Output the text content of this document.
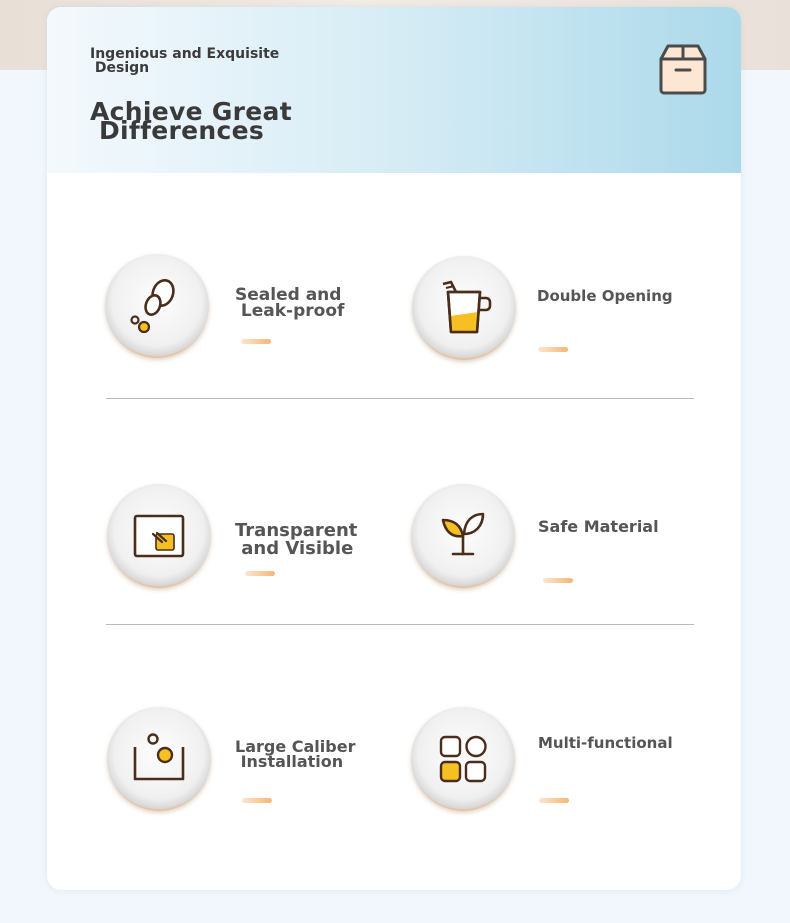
Ingenious and Exquisite
Design
Achieve Great
Differences
Sealed and
Leak-proof
Double Opening
Transparent
and Visible
Safe Material
Large Caliber
Installation
Multi-functional
